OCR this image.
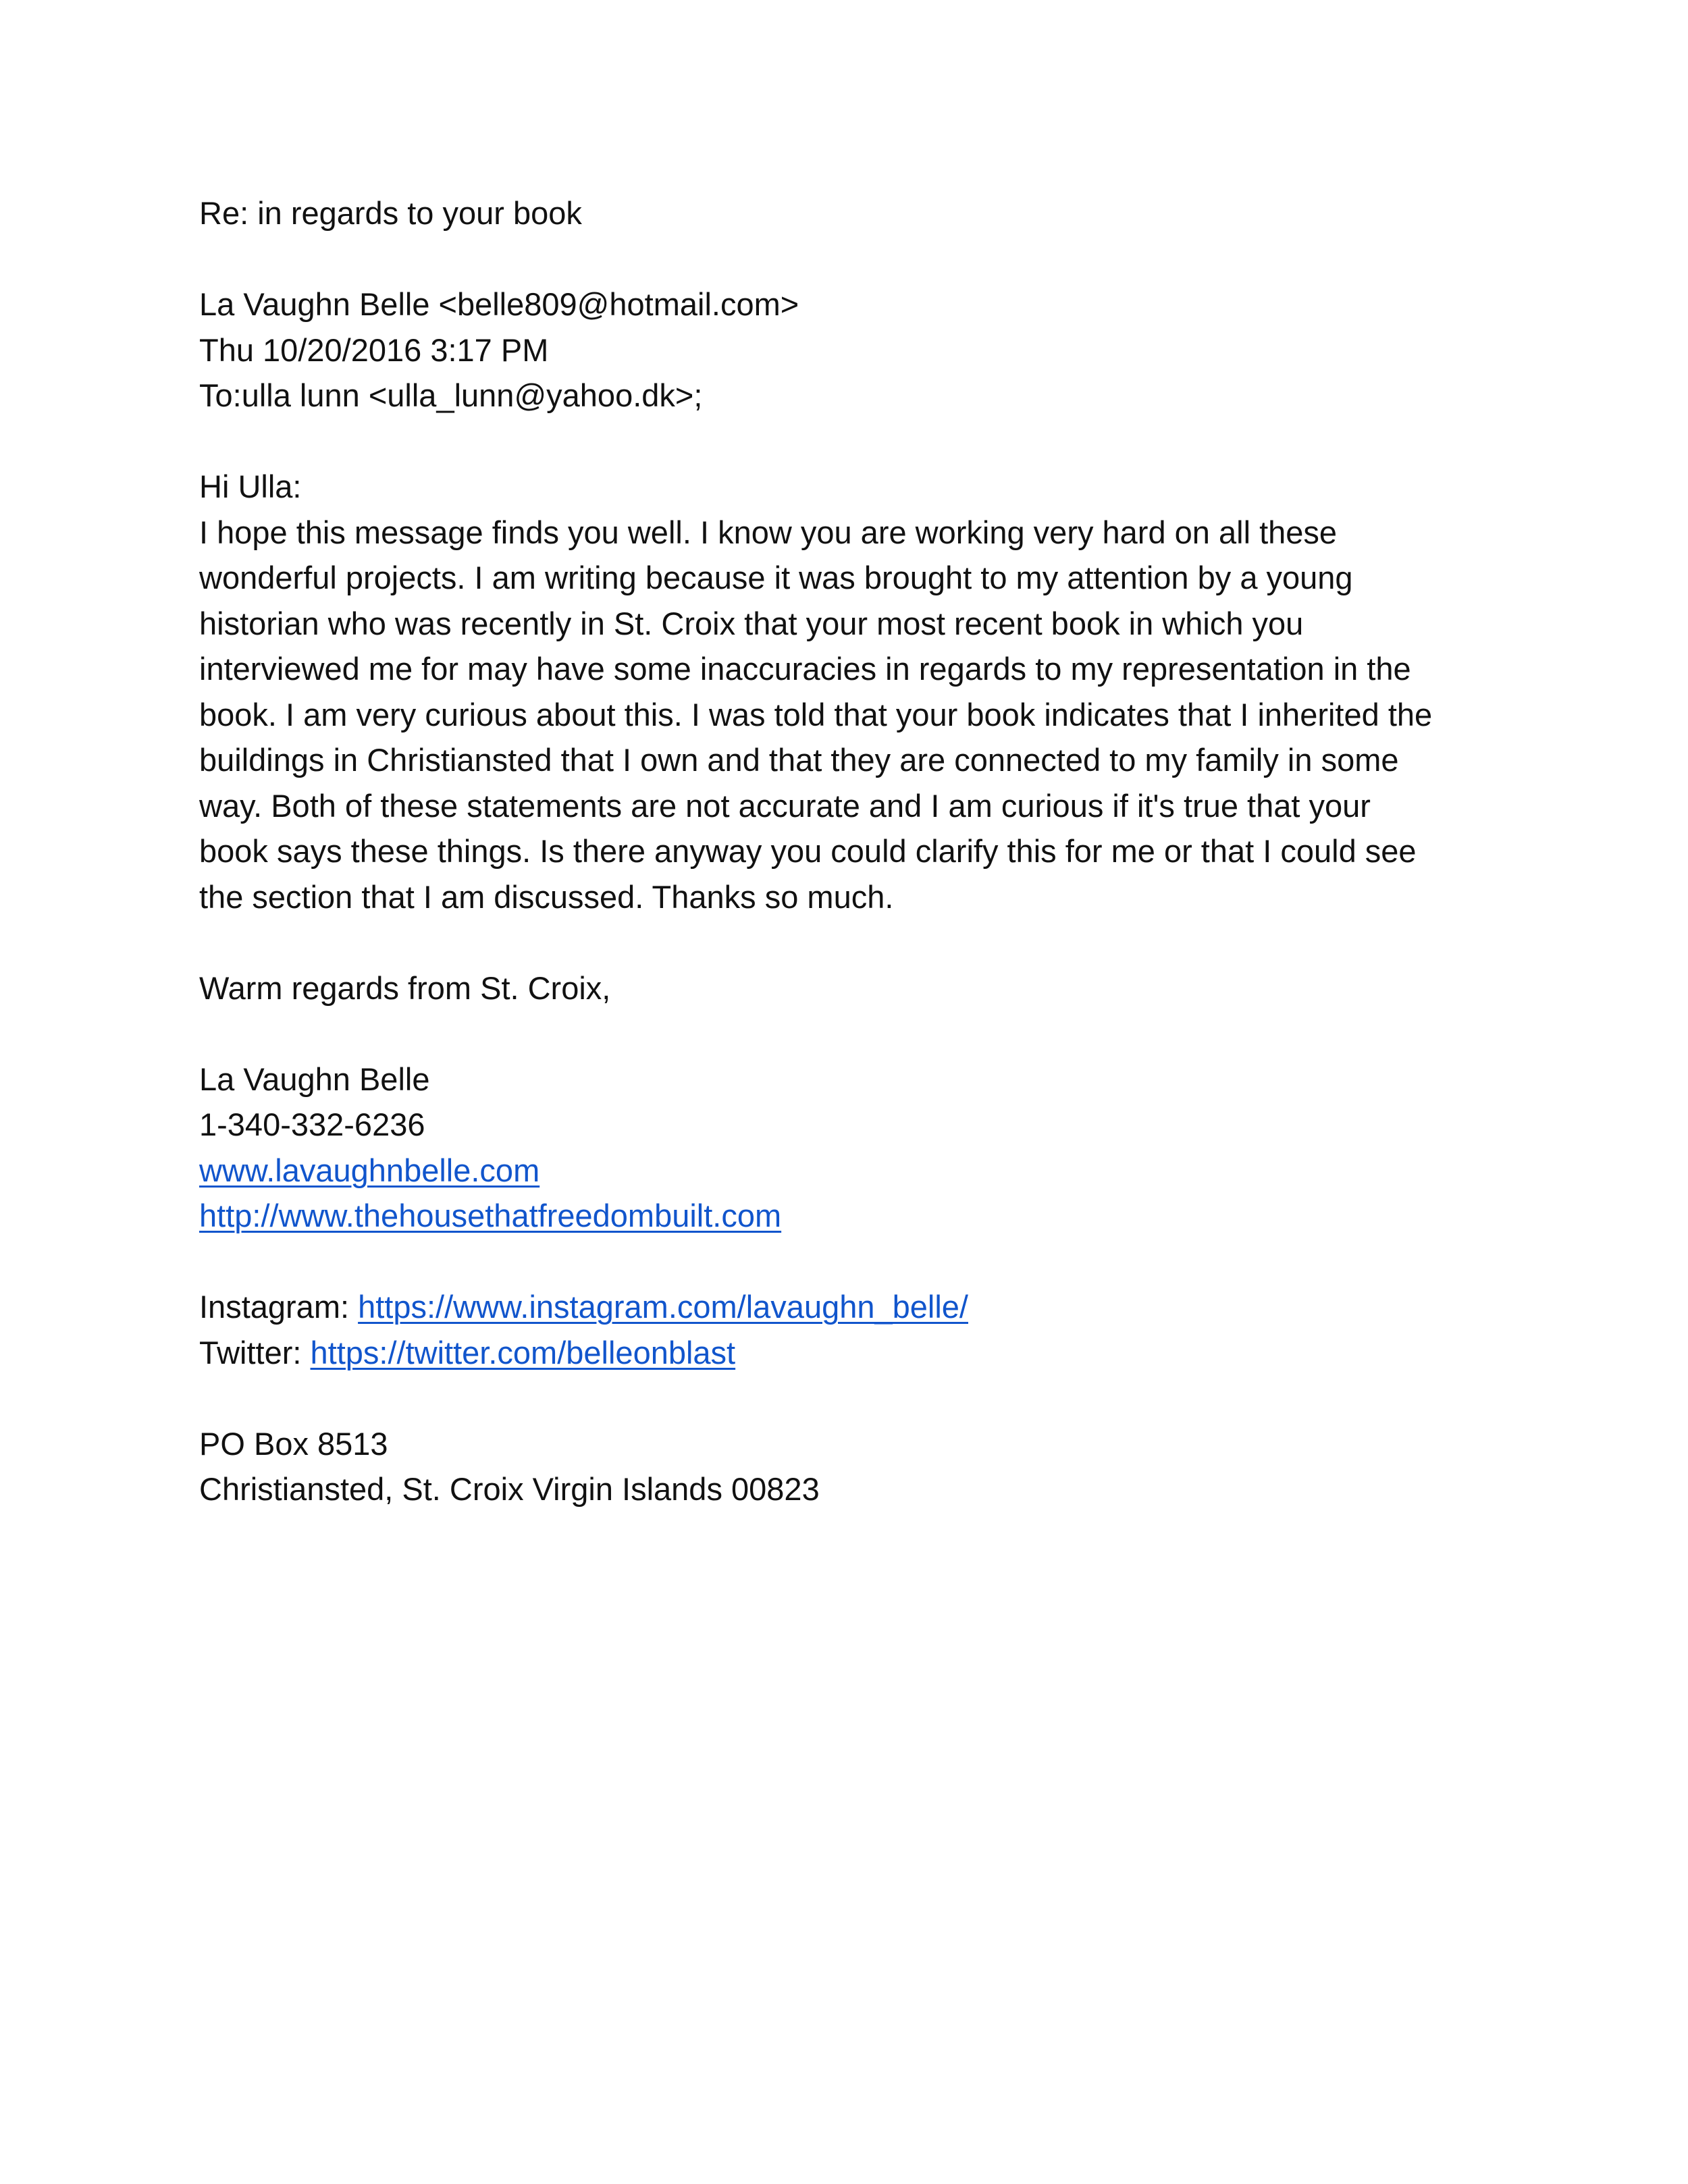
Re: in regards to your book
La Vaughn Belle <belle809@hotmail.com>
Thu 10/20/2016 3:17 PM
To:ulla lunn <ulla_lunn@yahoo.dk>;
Hi Ulla:
I hope this message finds you well. I know you are working very hard on all these
wonderful projects. I am writing because it was brought to my attention by a young
historian who was recently in St. Croix that your most recent book in which you
interviewed me for may have some inaccuracies in regards to my representation in the
book. I am very curious about this. I was told that your book indicates that I inherited the
buildings in Christiansted that I own and that they are connected to my family in some
way. Both of these statements are not accurate and I am curious if it's true that your
book says these things. Is there anyway you could clarify this for me or that I could see
the section that I am discussed. Thanks so much.
Warm regards from St. Croix,
La Vaughn Belle
1-340-332-6236
www.lavaughnbelle.com
http://www.thehousethatfreedombuilt.com
Instagram: https://www.instagram.com/lavaughn_belle/
Twitter: https://twitter.com/belleonblast
PO Box 8513
Christiansted, St. Croix Virgin Islands 00823
